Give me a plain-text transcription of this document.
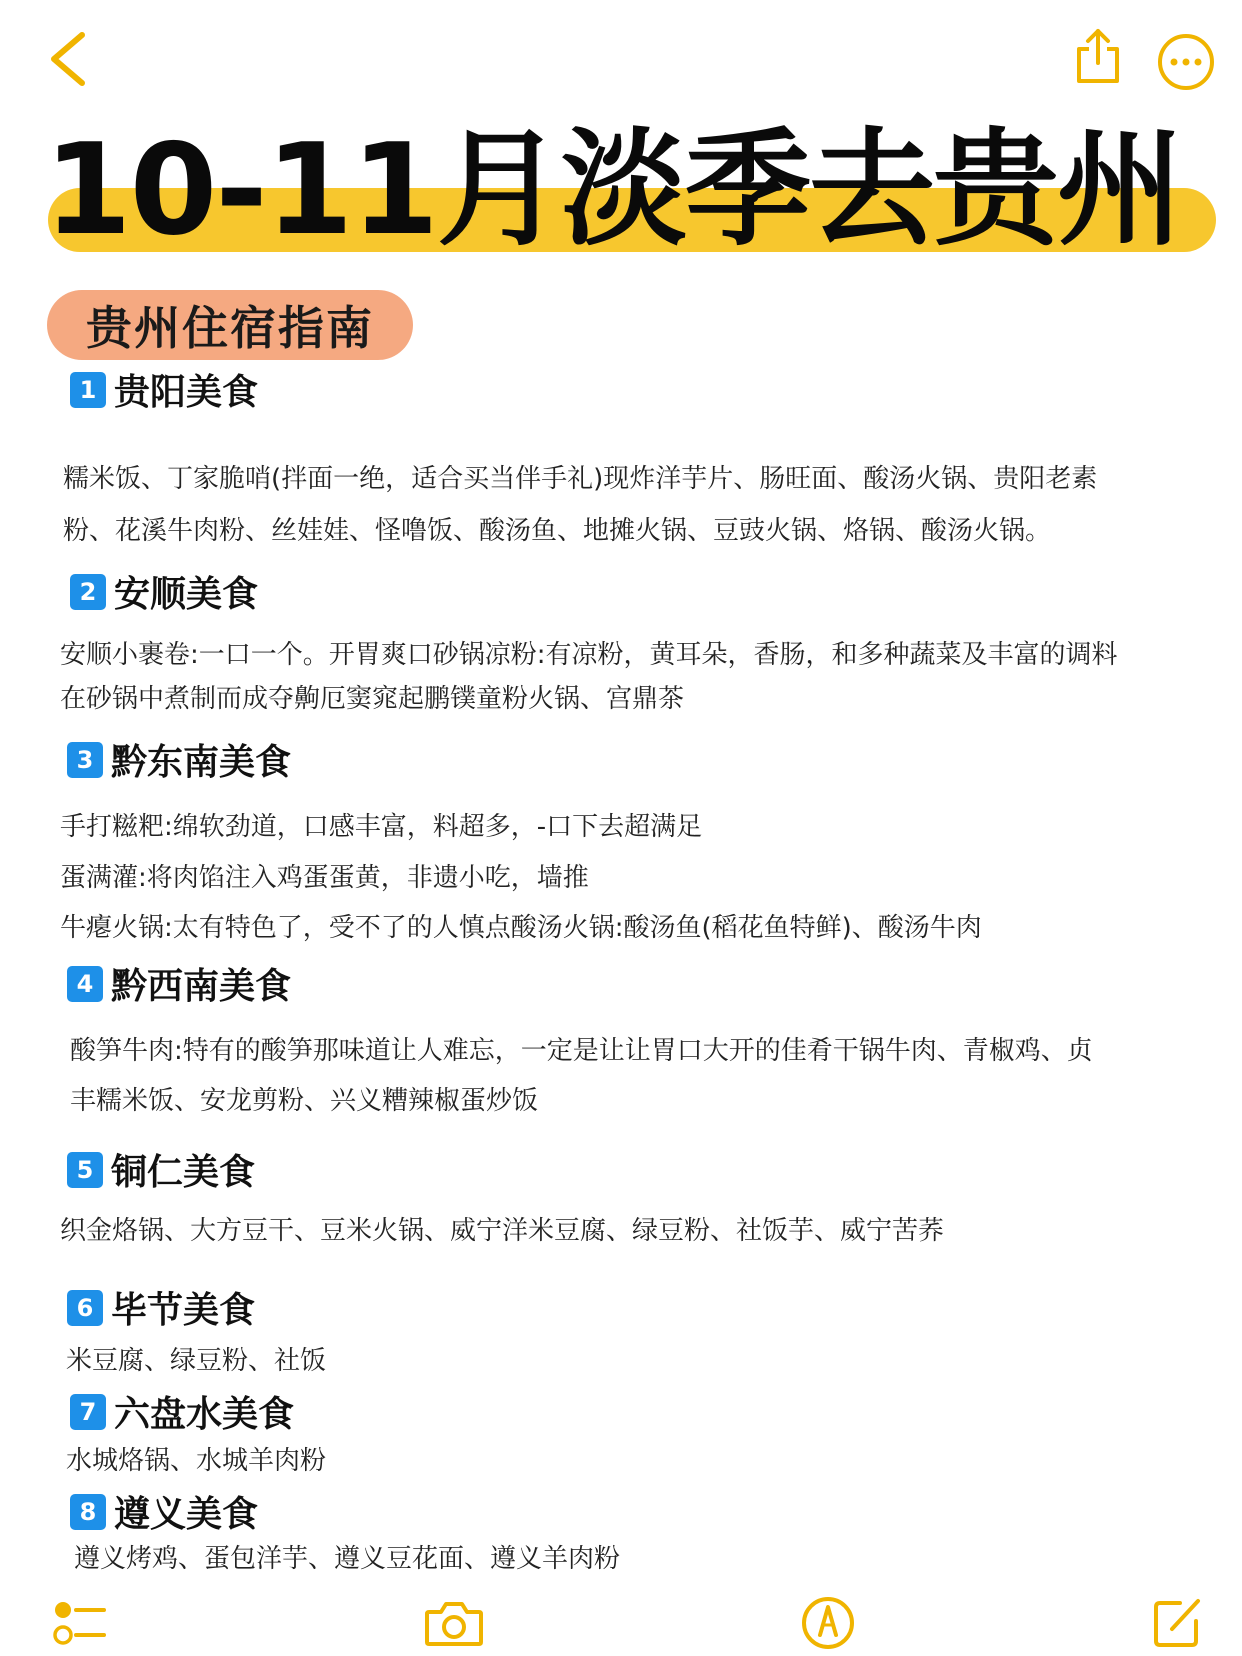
10-11月淡季去贵州
贵州住宿指南
1 贵阳美食
糯米饭、丁家脆哨(拌面一绝，适合买当伴手礼)现炸洋芋片、肠旺面、酸汤火锅、贵阳老素
粉、花溪牛肉粉、丝娃娃、怪噜饭、酸汤鱼、地摊火锅、豆豉火锅、烙锅、酸汤火锅。
2 安顺美食
安顺小裹卷:一口一个。开胃爽口砂锅凉粉:有凉粉，黄耳朵，香肠，和多种蔬菜及丰富的调料
在砂锅中煮制而成夺齁厄窦窕起鹏镤童粉火锅、宫鼎茶
3 黔东南美食
手打糍粑:绵软劲道，口感丰富，料超多，-口下去超满足
蛋满灌:将肉馅注入鸡蛋蛋黄，非遗小吃，墙推
牛瘪火锅:太有特色了，受不了的人慎点酸汤火锅:酸汤鱼(稻花鱼特鲜)、酸汤牛肉
4 黔西南美食
酸笋牛肉:特有的酸笋那味道让人难忘，一定是让让胃口大开的佳肴干锅牛肉、青椒鸡、贞
丰糯米饭、安龙剪粉、兴义糟辣椒蛋炒饭
5 铜仁美食
织金烙锅、大方豆干、豆米火锅、威宁洋米豆腐、绿豆粉、社饭芋、威宁苦荞
6 毕节美食
米豆腐、绿豆粉、社饭
7 六盘水美食
水城烙锅、水城羊肉粉
8 遵义美食
遵义烤鸡、蛋包洋芋、遵义豆花面、遵义羊肉粉
